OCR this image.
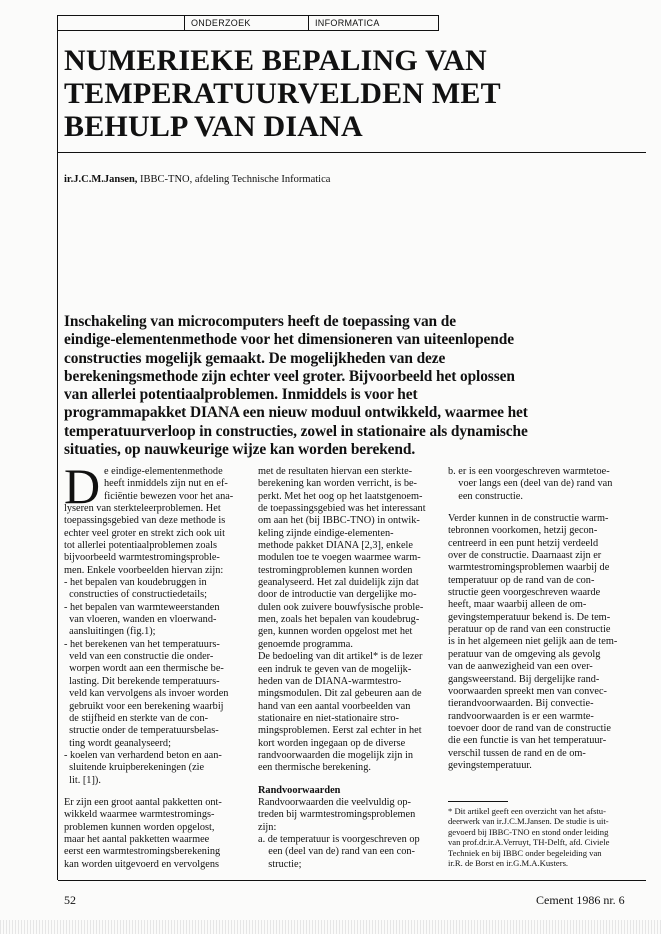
ONDERZOEK	INFORMATICA
NUMERIEKE BEPALING VAN
TEMPERATUURVELDEN MET
BEHULP VAN DIANA
ir.J.C.M.Jansen, IBBC-TNO, afdeling Technische Informatica
Inschakeling van microcomputers heeft de toepassing van de
eindige-elementenmethode voor het dimensioneren van uiteenlopende
constructies mogelijk gemaakt. De mogelijkheden van deze
berekeningsmethode zijn echter veel groter. Bijvoorbeeld het oplossen
van allerlei potentiaalproblemen. Inmiddels is voor het
programmapakket DIANA een nieuw moduul ontwikkeld, waarmee het
temperatuurverloop in constructies, zowel in stationaire als dynamische
situaties, op nauwkeurige wijze kan worden berekend.
D e eindige-elementenmethode
heeft inmiddels zijn nut en ef-
ficiëntie bewezen voor het ana-
lyseren van sterkteleerproblemen. Het
toepassingsgebied van deze methode is
echter veel groter en strekt zich ook uit
tot allerlei potentiaalproblemen zoals
bijvoorbeeld warmtestromingsproble-
men. Enkele voorbeelden hiervan zijn:
- het bepalen van koudebruggen in
constructies of constructiedetails;
- het bepalen van warmteweerstanden
van vloeren, wanden en vloerwand-
aansluitingen (fig.1);
- het berekenen van het temperatuurs-
veld van een constructie die onder-
worpen wordt aan een thermische be-
lasting. Dit berekende temperatuurs-
veld kan vervolgens als invoer worden
gebruikt voor een berekening waarbij
de stijfheid en sterkte van de con-
structie onder de temperatuursbelas-
ting wordt geanalyseerd;
- koelen van verhardend beton en aan-
sluitende kruipberekeningen (zie
lit. [1]).
Er zijn een groot aantal pakketten ont-
wikkeld waarmee warmtestromings-
problemen kunnen worden opgelost,
maar het aantal pakketten waarmee
eerst een warmtestromingsberekening
kan worden uitgevoerd en vervolgens
met de resultaten hiervan een sterkte-
berekening kan worden verricht, is be-
perkt. Met het oog op het laatstgenoem-
de toepassingsgebied was het interessant
om aan het (bij IBBC-TNO) in ontwik-
keling zijnde eindige-elementen-
methode pakket DIANA [2,3], enkele
modulen toe te voegen waarmee warm-
testromingproblemen kunnen worden
geanalyseerd. Het zal duidelijk zijn dat
door de introductie van dergelijke mo-
dulen ook zuivere bouwfysische proble-
men, zoals het bepalen van koudebrug-
gen, kunnen worden opgelost met het
genoemde programma.
De bedoeling van dit artikel* is de lezer
een indruk te geven van de mogelijk-
heden van de DIANA-warmtestro-
mingsmodulen. Dit zal gebeuren aan de
hand van een aantal voorbeelden van
stationaire en niet-stationaire stro-
mingsproblemen. Eerst zal echter in het
kort worden ingegaan op de diverse
randvoorwaarden die mogelijk zijn in
een thermische berekening.
Randvoorwaarden
Randvoorwaarden die veelvuldig op-
treden bij warmtestromingsproblemen
zijn:
a. de temperatuur is voorgeschreven op
een (deel van de) rand van een con-
structie;
b. er is een voorgeschreven warmtetoe-
voer langs een (deel van de) rand van
een constructie.
Verder kunnen in de constructie warm-
tebronnen voorkomen, hetzij gecon-
centreerd in een punt hetzij verdeeld
over de constructie. Daarnaast zijn er
warmtestromingsproblemen waarbij de
temperatuur op de rand van de con-
structie geen voorgeschreven waarde
heeft, maar waarbij alleen de om-
gevingstemperatuur bekend is. De tem-
peratuur op de rand van een constructie
is in het algemeen niet gelijk aan de tem-
peratuur van de omgeving als gevolg
van de aanwezigheid van een over-
gangsweerstand. Bij dergelijke rand-
voorwaarden spreekt men van convec-
tierandvoorwaarden. Bij convectie-
randvoorwaarden is er een warmte-
toevoer door de rand van de constructie
die een functie is van het temperatuur-
verschil tussen de rand en de om-
gevingstemperatuur.
* Dit artikel geeft een overzicht van het afstu-
deerwerk van ir.J.C.M.Jansen. De studie is uit-
gevoerd bij IBBC-TNO en stond onder leiding
van prof.dr.ir.A.Verruyt, TH-Delft, afd. Civiele
Techniek en bij IBBC onder begeleiding van
ir.R. de Borst en ir.G.M.A.Kusters.
52	Cement 1986 nr. 6
